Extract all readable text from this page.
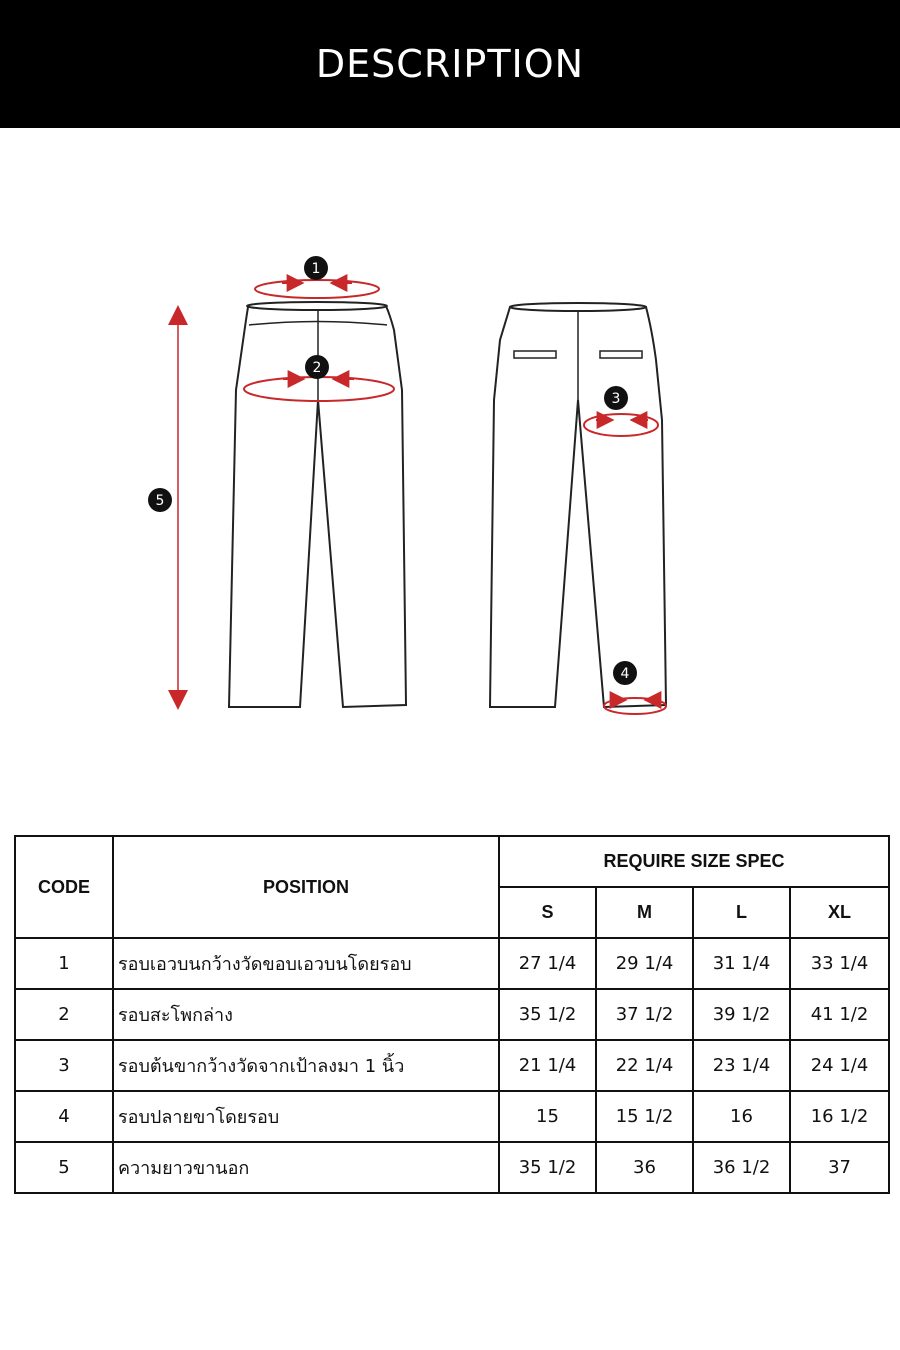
DESCRIPTION
1
2
3
4
5
CODE	POSITION	REQUIRE SIZE SPEC			
		S	M	L	XL
1	รอบเอวบนกว้างวัดขอบเอวบนโดยรอบ	27 1/4	29 1/4	31 1/4	33 1/4
2	รอบสะโพกล่าง	35 1/2	37 1/2	39 1/2	41 1/2
3	รอบต้นขากว้างวัดจากเป้าลงมา 1 นิ้ว	21 1/4	22 1/4	23 1/4	24 1/4
4	รอบปลายขาโดยรอบ	15	15 1/2	16	16 1/2
5	ความยาวขานอก	35 1/2	36	36 1/2	37
